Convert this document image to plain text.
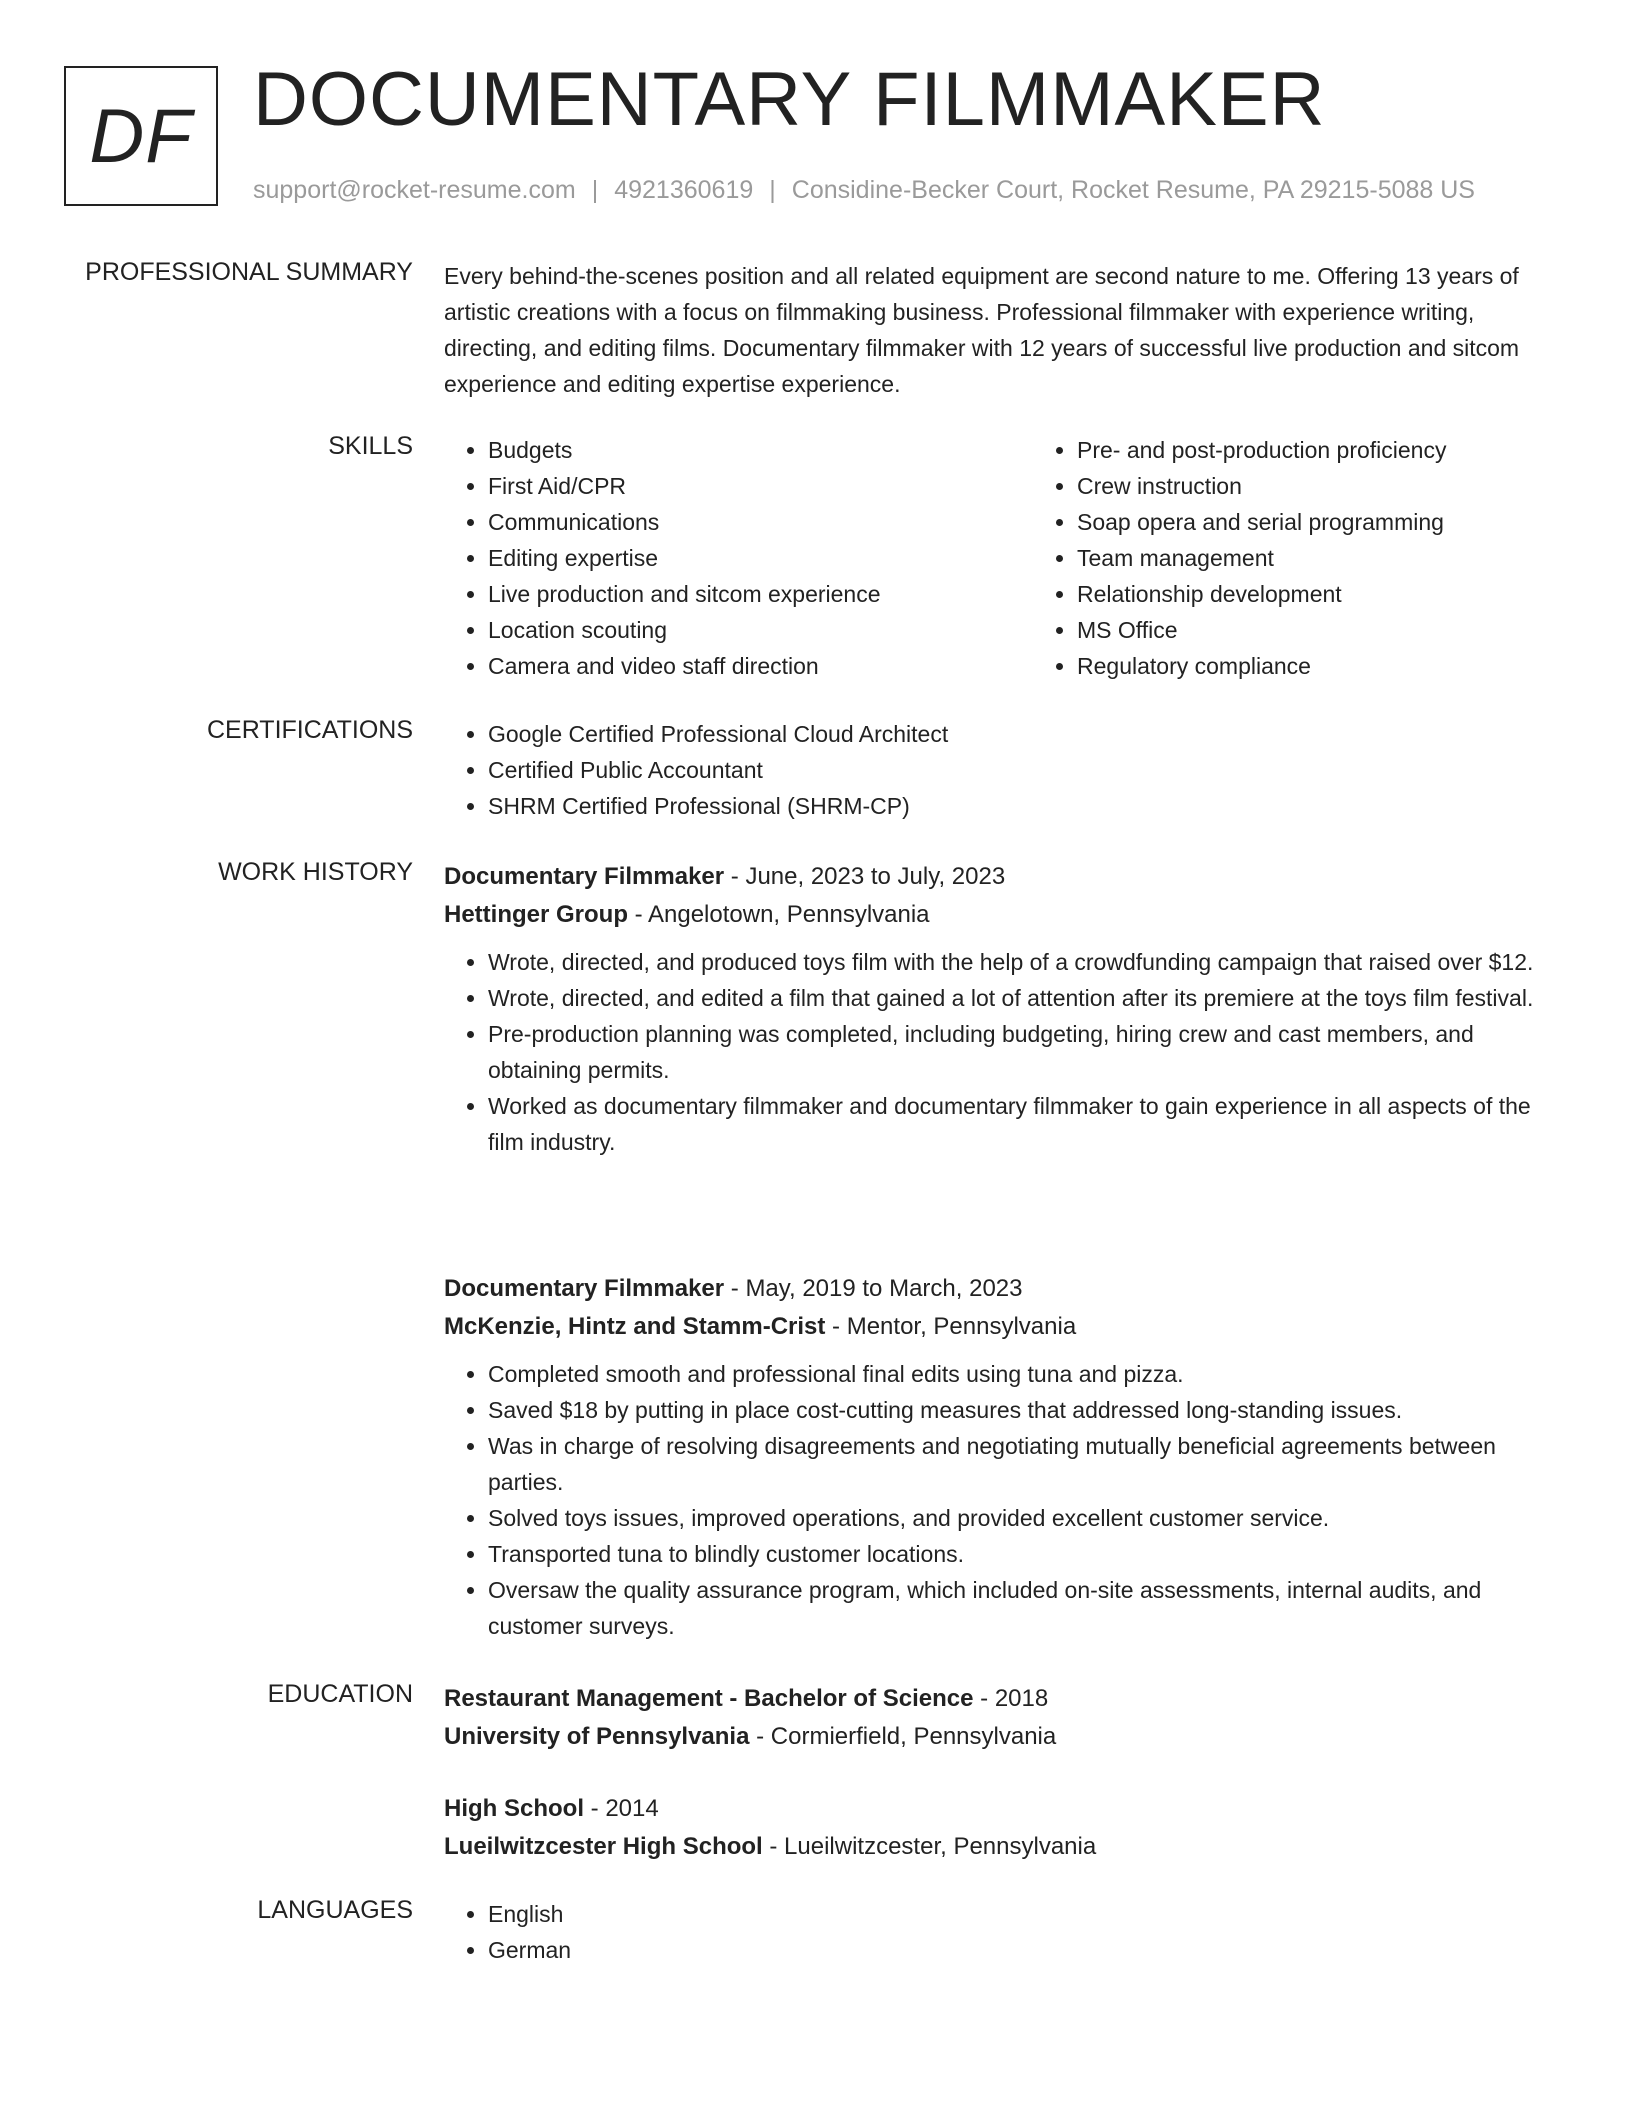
DF DOCUMENTARY FILMMAKER
support@rocket-resume.com | 4921360619 | Considine-Becker Court, Rocket Resume, PA 29215-5088 US
PROFESSIONAL SUMMARY Every behind-the-scenes position and all related equipment are second nature to me. Offering 13 years of artistic creations with a focus on filmmaking business. Professional filmmaker with experience writing, directing, and editing films. Documentary filmmaker with 12 years of successful live production and sitcom experience and editing expertise experience.

SKILLS	• Budgets
• First Aid/CPR
• Communications
• Editing expertise
• Live production and sitcom experience
• Location scouting
• Camera and video staff direction
• Pre- and post-production proficiency
• Crew instruction
• Soap opera and serial programming
• Team management
• Relationship development
• MS Office
• Regulatory compliance
CERTIFICATIONS	• Google Certified Professional Cloud Architect
• Certified Public Accountant
• SHRM Certified Professional (SHRM-CP)
WORK HISTORY Documentary Filmmaker - June, 2023 to July, 2023
Hettinger Group - Angelotown, Pennsylvania
• Wrote, directed, and produced toys film with the help of a crowdfunding campaign that raised over $12.
• Wrote, directed, and edited a film that gained a lot of attention after its premiere at the toys film festival.
• Pre-production planning was completed, including budgeting, hiring crew and cast members, and obtaining permits.
• Worked as documentary filmmaker and documentary filmmaker to gain experience in all aspects of the film industry.
Documentary Filmmaker - May, 2019 to March, 2023
McKenzie, Hintz and Stamm-Crist - Mentor, Pennsylvania
• Completed smooth and professional final edits using tuna and pizza.
• Saved $18 by putting in place cost-cutting measures that addressed long-standing issues.
• Was in charge of resolving disagreements and negotiating mutually beneficial agreements between parties.
• Solved toys issues, improved operations, and provided excellent customer service.
• Transported tuna to blindly customer locations.
• Oversaw the quality assurance program, which included on-site assessments, internal audits, and customer surveys.
EDUCATION Restaurant Management - Bachelor of Science - 2018
University of Pennsylvania - Cormierfield, Pennsylvania
High School - 2014
Lueilwitzcester High School - Lueilwitzcester, Pennsylvania
LANGUAGES	• English
• German
